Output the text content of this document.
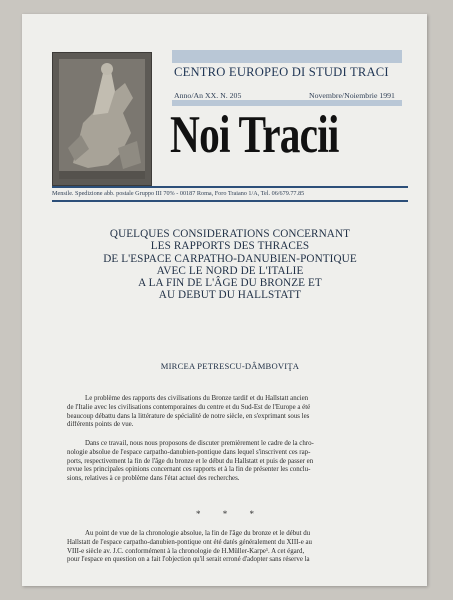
CENTRO EUROPEO DI STUDI TRACI
Anno/An XX. N. 205	Novembre/Noiembrie 1991
Noi Tracii
Mensile. Spedizione abb. postale Gruppo III 70% - 00187 Roma, Foro Traiano 1/A, Tel. 06/679.77.85
QUELQUES CONSIDERATIONS CONCERNANT
LES RAPPORTS DES THRACES
DE L'ESPACE CARPATHO-DANUBIEN-PONTIQUE
AVEC LE NORD DE L'ITALIE
A LA FIN DE L'ÂGE DU BRONZE ET
AU DEBUT DU HALLSTATT
MIRCEA PETRESCU-DÂMBOVIŢA
Le problème des rapports des civilisations du Bronze tardif et du Hallstatt ancien
de l'Italie avec les civilisations contemporaines du centre et du Sud-Est de l'Europe a été
beaucoup débattu dans la littérature de spécialité de notre siècle, en s'exprimant sous les
différents points de vue.
Dans ce travail, nous nous proposons de discuter premièrement le cadre de la chro-
nologie absolue de l'espace carpatho-danubien-pontique dans lequel s'inscrivent ces rap-
ports, respectivement la fin de l'âge du bronze et le début du Hallstatt et puis de passer en
revue les principales opinions concernant ces rapports et à la fin de présenter les conclu-
sions, relatives à ce problème dans l'état actuel des recherches.
* * *
Au point de vue de la chronologie absolue, la fin de l'âge du bronze et le début du
Hallstatt de l'espace carpatho-danubien-pontique ont été datés généralement du XIII-e au
VIII-e siècle av. J.C. conformément à la chronologie de H.Müller-Karpe¹. A cet égard,
pour l'espace en question on a fait l'objection qu'il serait erroné d'adopter sans réserve la
